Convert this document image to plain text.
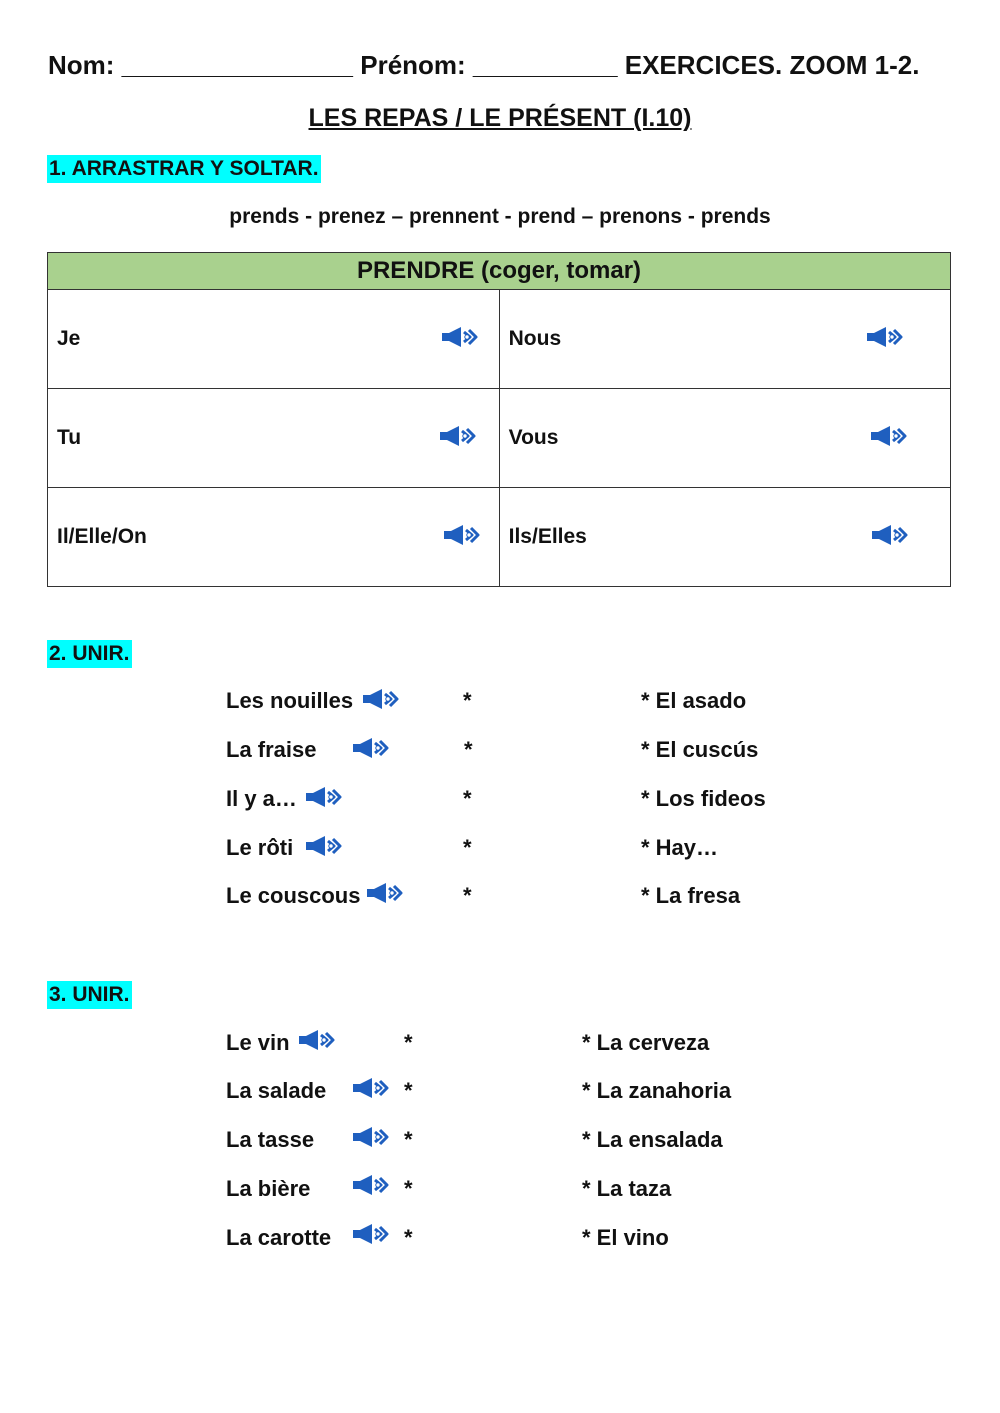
Nom: ________________ Prénom: __________ EXERCICES. ZOOM 1-2.
LES REPAS / LE PRÉSENT (I.10)
1. ARRASTRAR Y SOLTAR.
prends - prenez – prennent - prend – prenons - prends
PRENDRE (coger, tomar)	
Je	Nous

Tu	Vous

Il/Elle/On	Ils/Elles
2. UNIR.
Les nouilles	*	* El asado
La fraise	*	* El cuscús
Il y a…	*	* Los fideos
Le rôti	*	* Hay…
Le couscous	*	* La fresa
3. UNIR.
Le vin	*	* La cerveza
La salade	*	* La zanahoria
La tasse	*	* La ensalada
La bière	*	* La taza
La carotte	*	* El vino
